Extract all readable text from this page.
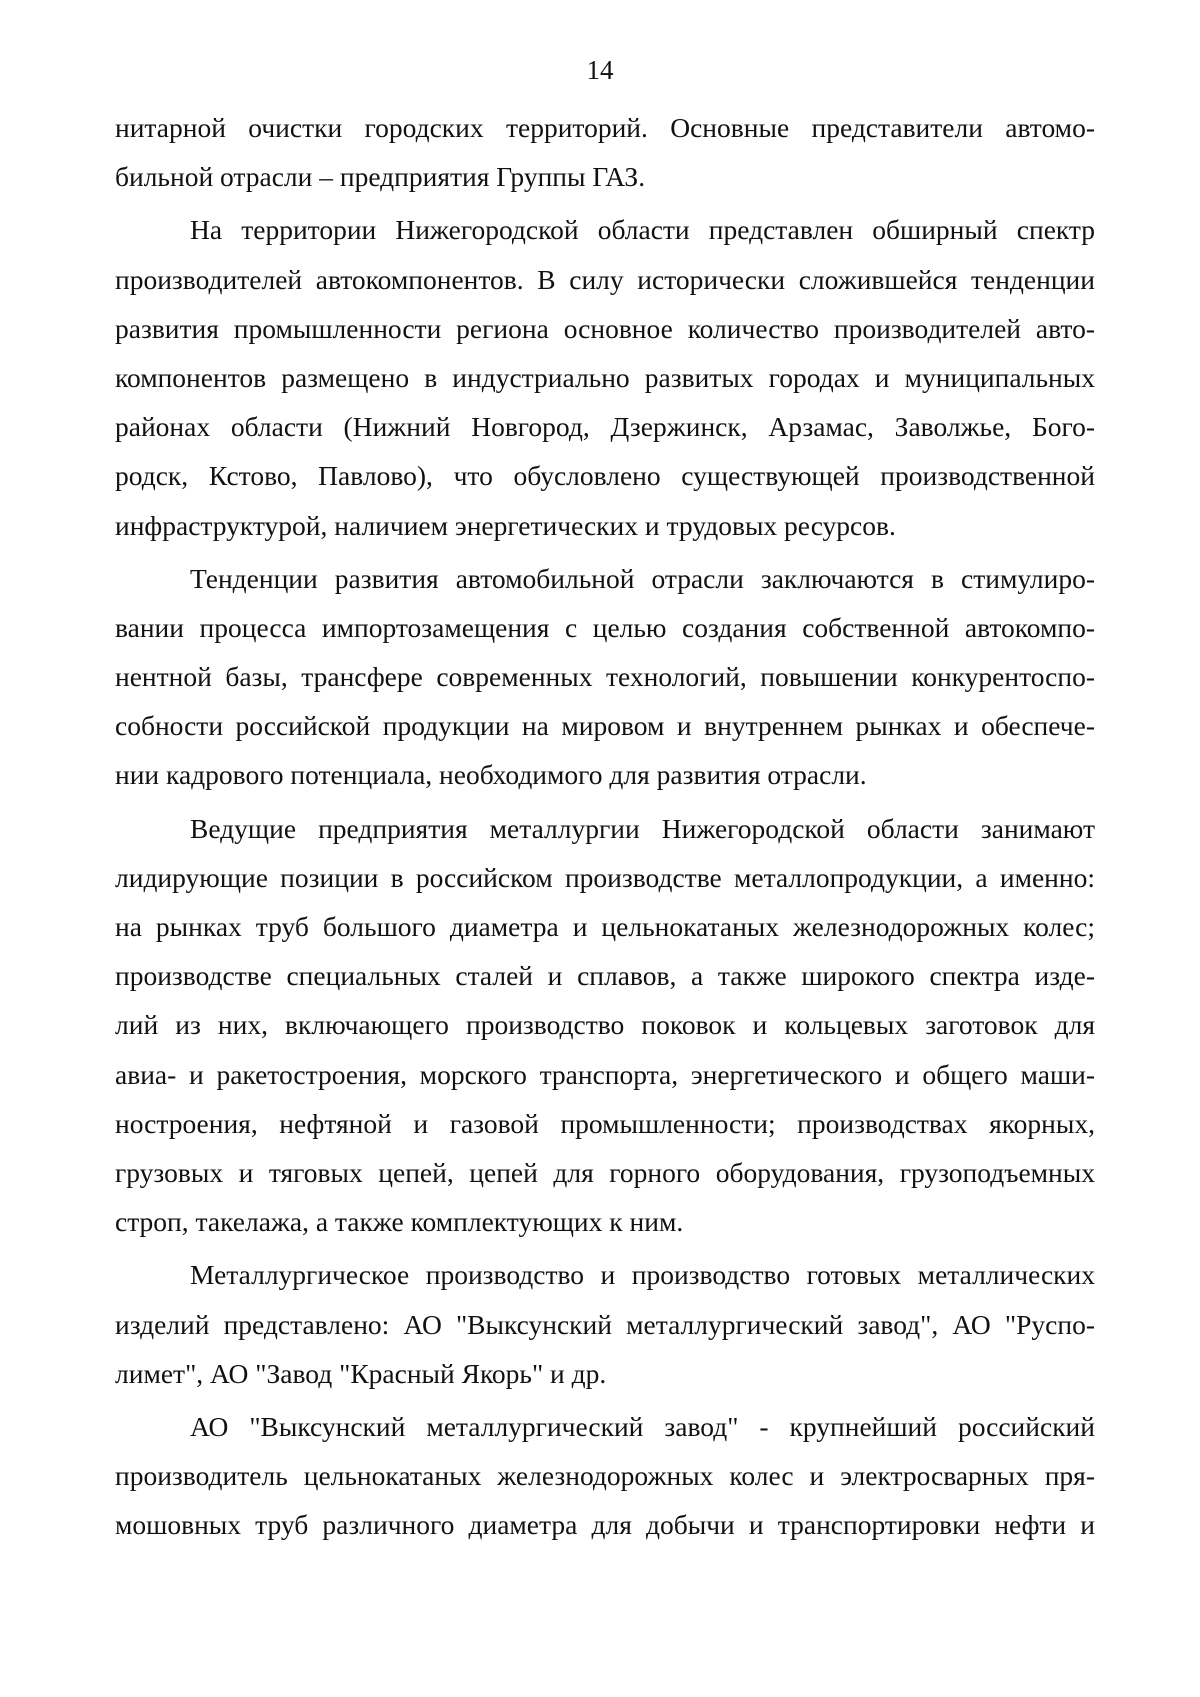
14
нитарной очистки городских территорий. Основные представители автомо-
бильной отрасли – предприятия Группы ГАЗ.
На территории Нижегородской области представлен обширный спектр
производителей автокомпонентов. В силу исторически сложившейся тенденции
развития промышленности региона основное количество производителей авто-
компонентов размещено в индустриально развитых городах и муниципальных
районах области (Нижний Новгород, Дзержинск, Арзамас, Заволжье, Бого-
родск, Кстово, Павлово), что обусловлено существующей производственной
инфраструктурой, наличием энергетических и трудовых ресурсов.
Тенденции развития автомобильной отрасли заключаются в стимулиро-
вании процесса импортозамещения с целью создания собственной автокомпо-
нентной базы, трансфере современных технологий, повышении конкурентоспо-
собности российской продукции на мировом и внутреннем рынках и обеспече-
нии кадрового потенциала, необходимого для развития отрасли.
Ведущие предприятия металлургии Нижегородской области занимают
лидирующие позиции в российском производстве металлопродукции, а именно:
на рынках труб большого диаметра и цельнокатаных железнодорожных колес;
производстве специальных сталей и сплавов, а также широкого спектра изде-
лий из них, включающего производство поковок и кольцевых заготовок для
авиа- и ракетостроения, морского транспорта, энергетического и общего маши-
ностроения, нефтяной и газовой промышленности; производствах якорных,
грузовых и тяговых цепей, цепей для горного оборудования, грузоподъемных
строп, такелажа, а также комплектующих к ним.
Металлургическое производство и производство готовых металлических
изделий представлено: АО "Выксунский металлургический завод", АО "Руспо-
лимет", АО "Завод "Красный Якорь" и др.
АО "Выксунский металлургический завод" - крупнейший российский
производитель цельнокатаных железнодорожных колес и электросварных пря-
мошовных труб различного диаметра для добычи и транспортировки нефти и
